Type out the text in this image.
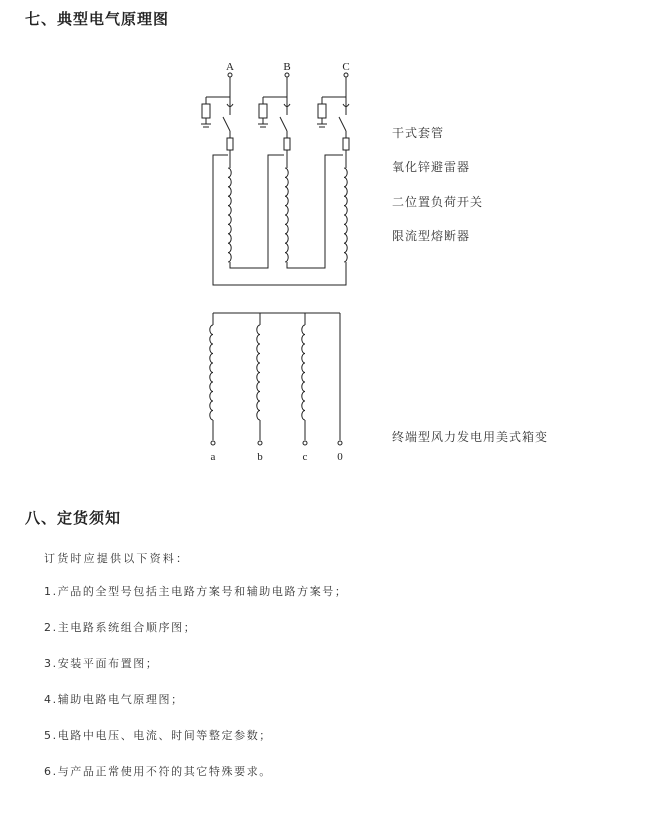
七、典型电气原理图
A	B	C
a	b	c	0
干式套管
氧化锌避雷器
二位置负荷开关
限流型熔断器
终端型风力发电用美式箱变
八、定货须知
订货时应提供以下资料：
1.产品的全型号包括主电路方案号和辅助电路方案号；
2.主电路系统组合顺序图；
3.安装平面布置图；
4.辅助电路电气原理图；
5.电路中电压、电流、时间等整定参数；
6.与产品正常使用不符的其它特殊要求。
